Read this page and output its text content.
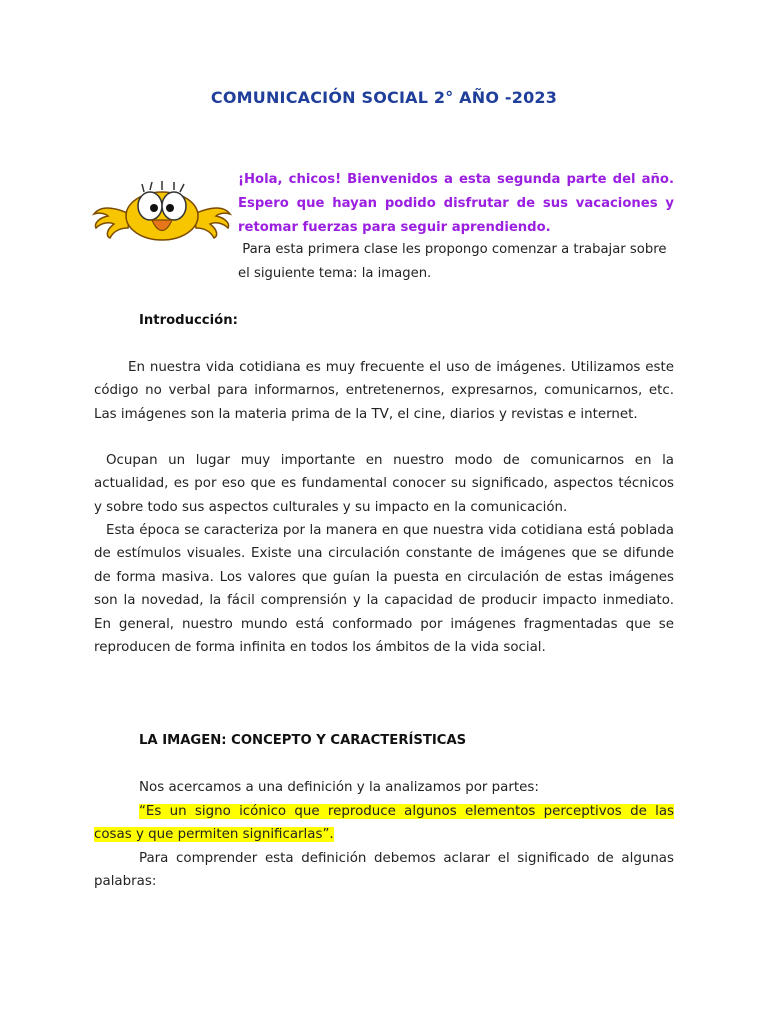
COMUNICACIÓN SOCIAL 2° AÑO -2023

¡Hola, chicos! Bienvenidos a esta segunda parte del año. Espero que hayan podido disfrutar de sus vacaciones y retomar fuerzas para seguir aprendiendo.

Para esta primera clase les propongo comenzar a trabajar sobre el siguiente tema: la imagen.

Introducción:

En nuestra vida cotidiana es muy frecuente el uso de imágenes. Utilizamos este código no verbal para informarnos, entretenernos, expresarnos, comunicarnos, etc. Las imágenes son la materia prima de la TV, el cine, diarios y revistas e internet.

Ocupan un lugar muy importante en nuestro modo de comunicarnos en la actualidad, es por eso que es fundamental conocer su significado, aspectos técnicos y sobre todo sus aspectos culturales y su impacto en la comunicación.

Esta época se caracteriza por la manera en que nuestra vida cotidiana está poblada de estímulos visuales. Existe una circulación constante de imágenes que se difunde de forma masiva. Los valores que guían la puesta en circulación de estas imágenes son la novedad, la fácil comprensión y la capacidad de producir impacto inmediato. En general, nuestro mundo está conformado por imágenes fragmentadas que se reproducen de forma infinita en todos los ámbitos de la vida social.

LA IMAGEN: CONCEPTO Y CARACTERÍSTICAS

Nos acercamos a una definición y la analizamos por partes:

“Es un signo icónico que reproduce algunos elementos perceptivos de las cosas y que permiten significarlas”.

Para comprender esta definición debemos aclarar el significado de algunas palabras:
